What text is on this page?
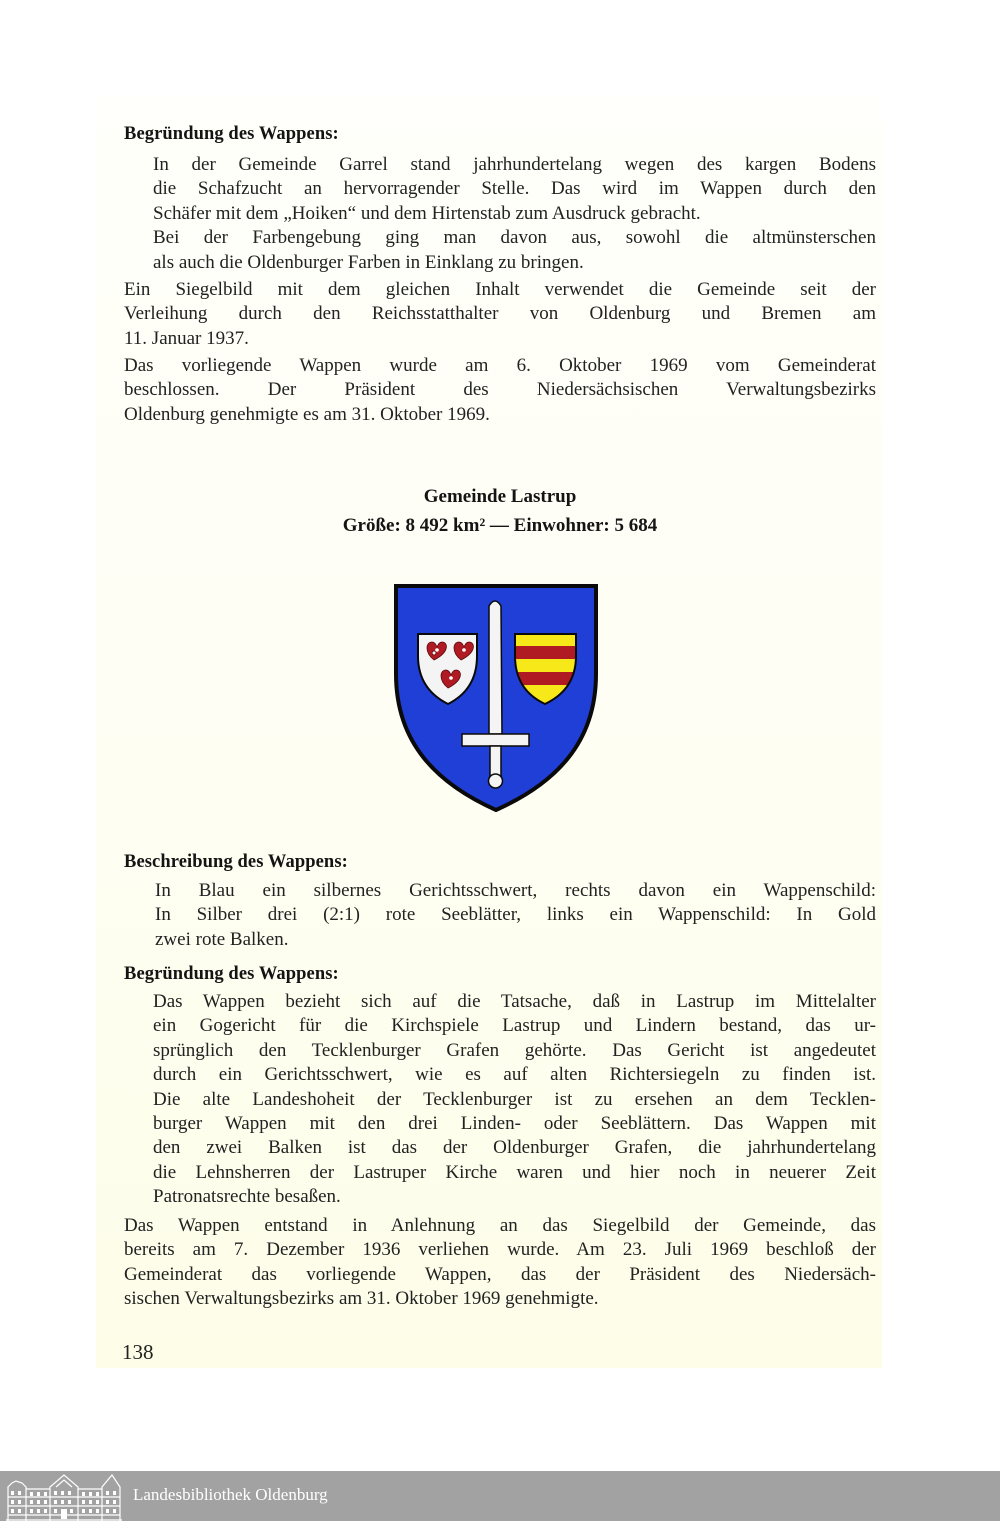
Begründung des Wappens:
In der Gemeinde Garrel stand jahrhundertelang wegen des kargen Bodens
die Schafzucht an hervorragender Stelle. Das wird im Wappen durch den
Schäfer mit dem „Hoiken“ und dem Hirtenstab zum Ausdruck gebracht.
Bei der Farbengebung ging man davon aus, sowohl die altmünsterschen
als auch die Oldenburger Farben in Einklang zu bringen.
Ein Siegelbild mit dem gleichen Inhalt verwendet die Gemeinde seit der
Verleihung durch den Reichsstatthalter von Oldenburg und Bremen am
11. Januar 1937.
Das vorliegende Wappen wurde am 6. Oktober 1969 vom Gemeinderat
beschlossen. Der Präsident des Niedersächsischen Verwaltungsbezirks
Oldenburg genehmigte es am 31. Oktober 1969.
Gemeinde Lastrup
Größe: 8 492 km² — Einwohner: 5 684
Beschreibung des Wappens:
In Blau ein silbernes Gerichtsschwert, rechts davon ein Wappenschild:
In Silber drei (2:1) rote Seeblätter, links ein Wappenschild: In Gold
zwei rote Balken.
Begründung des Wappens:
Das Wappen bezieht sich auf die Tatsache, daß in Lastrup im Mittelalter
ein Gogericht für die Kirchspiele Lastrup und Lindern bestand, das ur-
sprünglich den Tecklenburger Grafen gehörte. Das Gericht ist angedeutet
durch ein Gerichtsschwert, wie es auf alten Richtersiegeln zu finden ist.
Die alte Landeshoheit der Tecklenburger ist zu ersehen an dem Tecklen-
burger Wappen mit den drei Linden- oder Seeblättern. Das Wappen mit
den zwei Balken ist das der Oldenburger Grafen, die jahrhundertelang
die Lehnsherren der Lastruper Kirche waren und hier noch in neuerer Zeit
Patronatsrechte besaßen.
Das Wappen entstand in Anlehnung an das Siegelbild der Gemeinde, das
bereits am 7. Dezember 1936 verliehen wurde. Am 23. Juli 1969 beschloß der
Gemeinderat das vorliegende Wappen, das der Präsident des Niedersäch-
sischen Verwaltungsbezirks am 31. Oktober 1969 genehmigte.
138
Landesbibliothek Oldenburg
